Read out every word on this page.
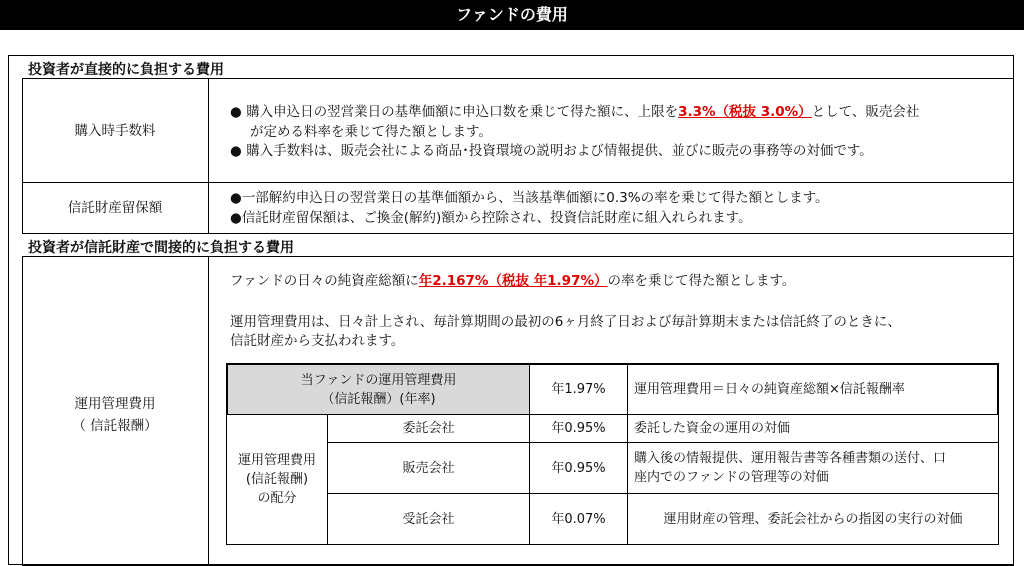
ファンドの費用
投資者が直接的に負担する費用
購入時手数料
● 購入申込日の翌営業日の基準価額に申込口数を乗じて得た額に、上限を3.3%（税抜 3.0%）として、販売会社
が定める料率を乗じて得た額とします。
● 購入手数料は、販売会社による商品･投資環境の説明および情報提供、並びに販売の事務等の対価です。
信託財産留保額
●一部解約申込日の翌営業日の基準価額から、当該基準価額に0.3%の率を乗じて得た額とします。
●信託財産留保額は、ご換金(解約)額から控除され、投資信託財産に組入れられます。
投資者が信託財産で間接的に負担する費用
運用管理費用
（ 信託報酬）
ファンドの日々の純資産総額に年2.167%（税抜 年1.97%）の率を乗じて得た額とします。
運用管理費用は、日々計上され、毎計算期間の最初の6ヶ月終了日および毎計算期末または信託終了のときに、
信託財産から支払われます。
当ファンドの運用管理費用
（信託報酬）(年率)
年1.97%	運用管理費用＝日々の純資産総額×信託報酬率
運用管理費用
(信託報酬)
の配分
委託会社	年0.95%	委託した資金の運用の対価
販売会社	年0.95%
購入後の情報提供、運用報告書等各種書類の送付、口
座内でのファンドの管理等の対価
受託会社	年0.07%	運用財産の管理、委託会社からの指図の実行の対価
